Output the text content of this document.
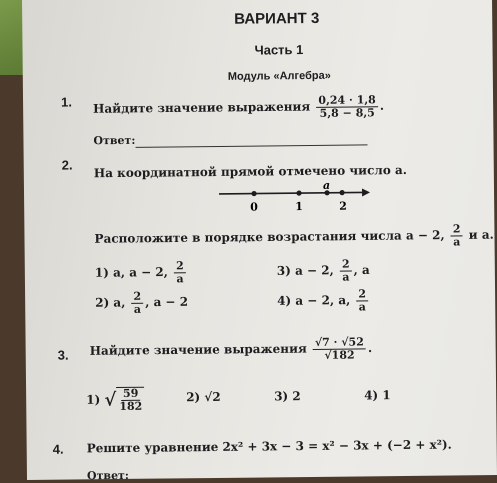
ВАРИАНТ 3
Часть 1
Модуль «Алгебра»
1. Найдите значение выражения $\frac{0,24 \cdot 1,8}{5,8 - 8,5}$ .
Ответ:
2. На координатной прямой отмечено число a.
0	1
a
2
Расположите в порядке возрастания числа a − 2, $\frac{2}{a}$ и a.
1) a, a − 2, $\frac{2}{a}$	3) a − 2, $\frac{2}{a}$ , a
2) a, $\frac{2}{a}$ , a − 2	4) a − 2, a, $\frac{2}{a}$
3. Найдите значение выражения $\frac{√7 \cdot √52}{√182}$ .
1) √ $\frac{59}{182}$	2) √2	3) 2	4) 1
4. Решите уравнение 2x² + 3x − 3 = x² − 3x + (−2 + x²).
Ответ:
